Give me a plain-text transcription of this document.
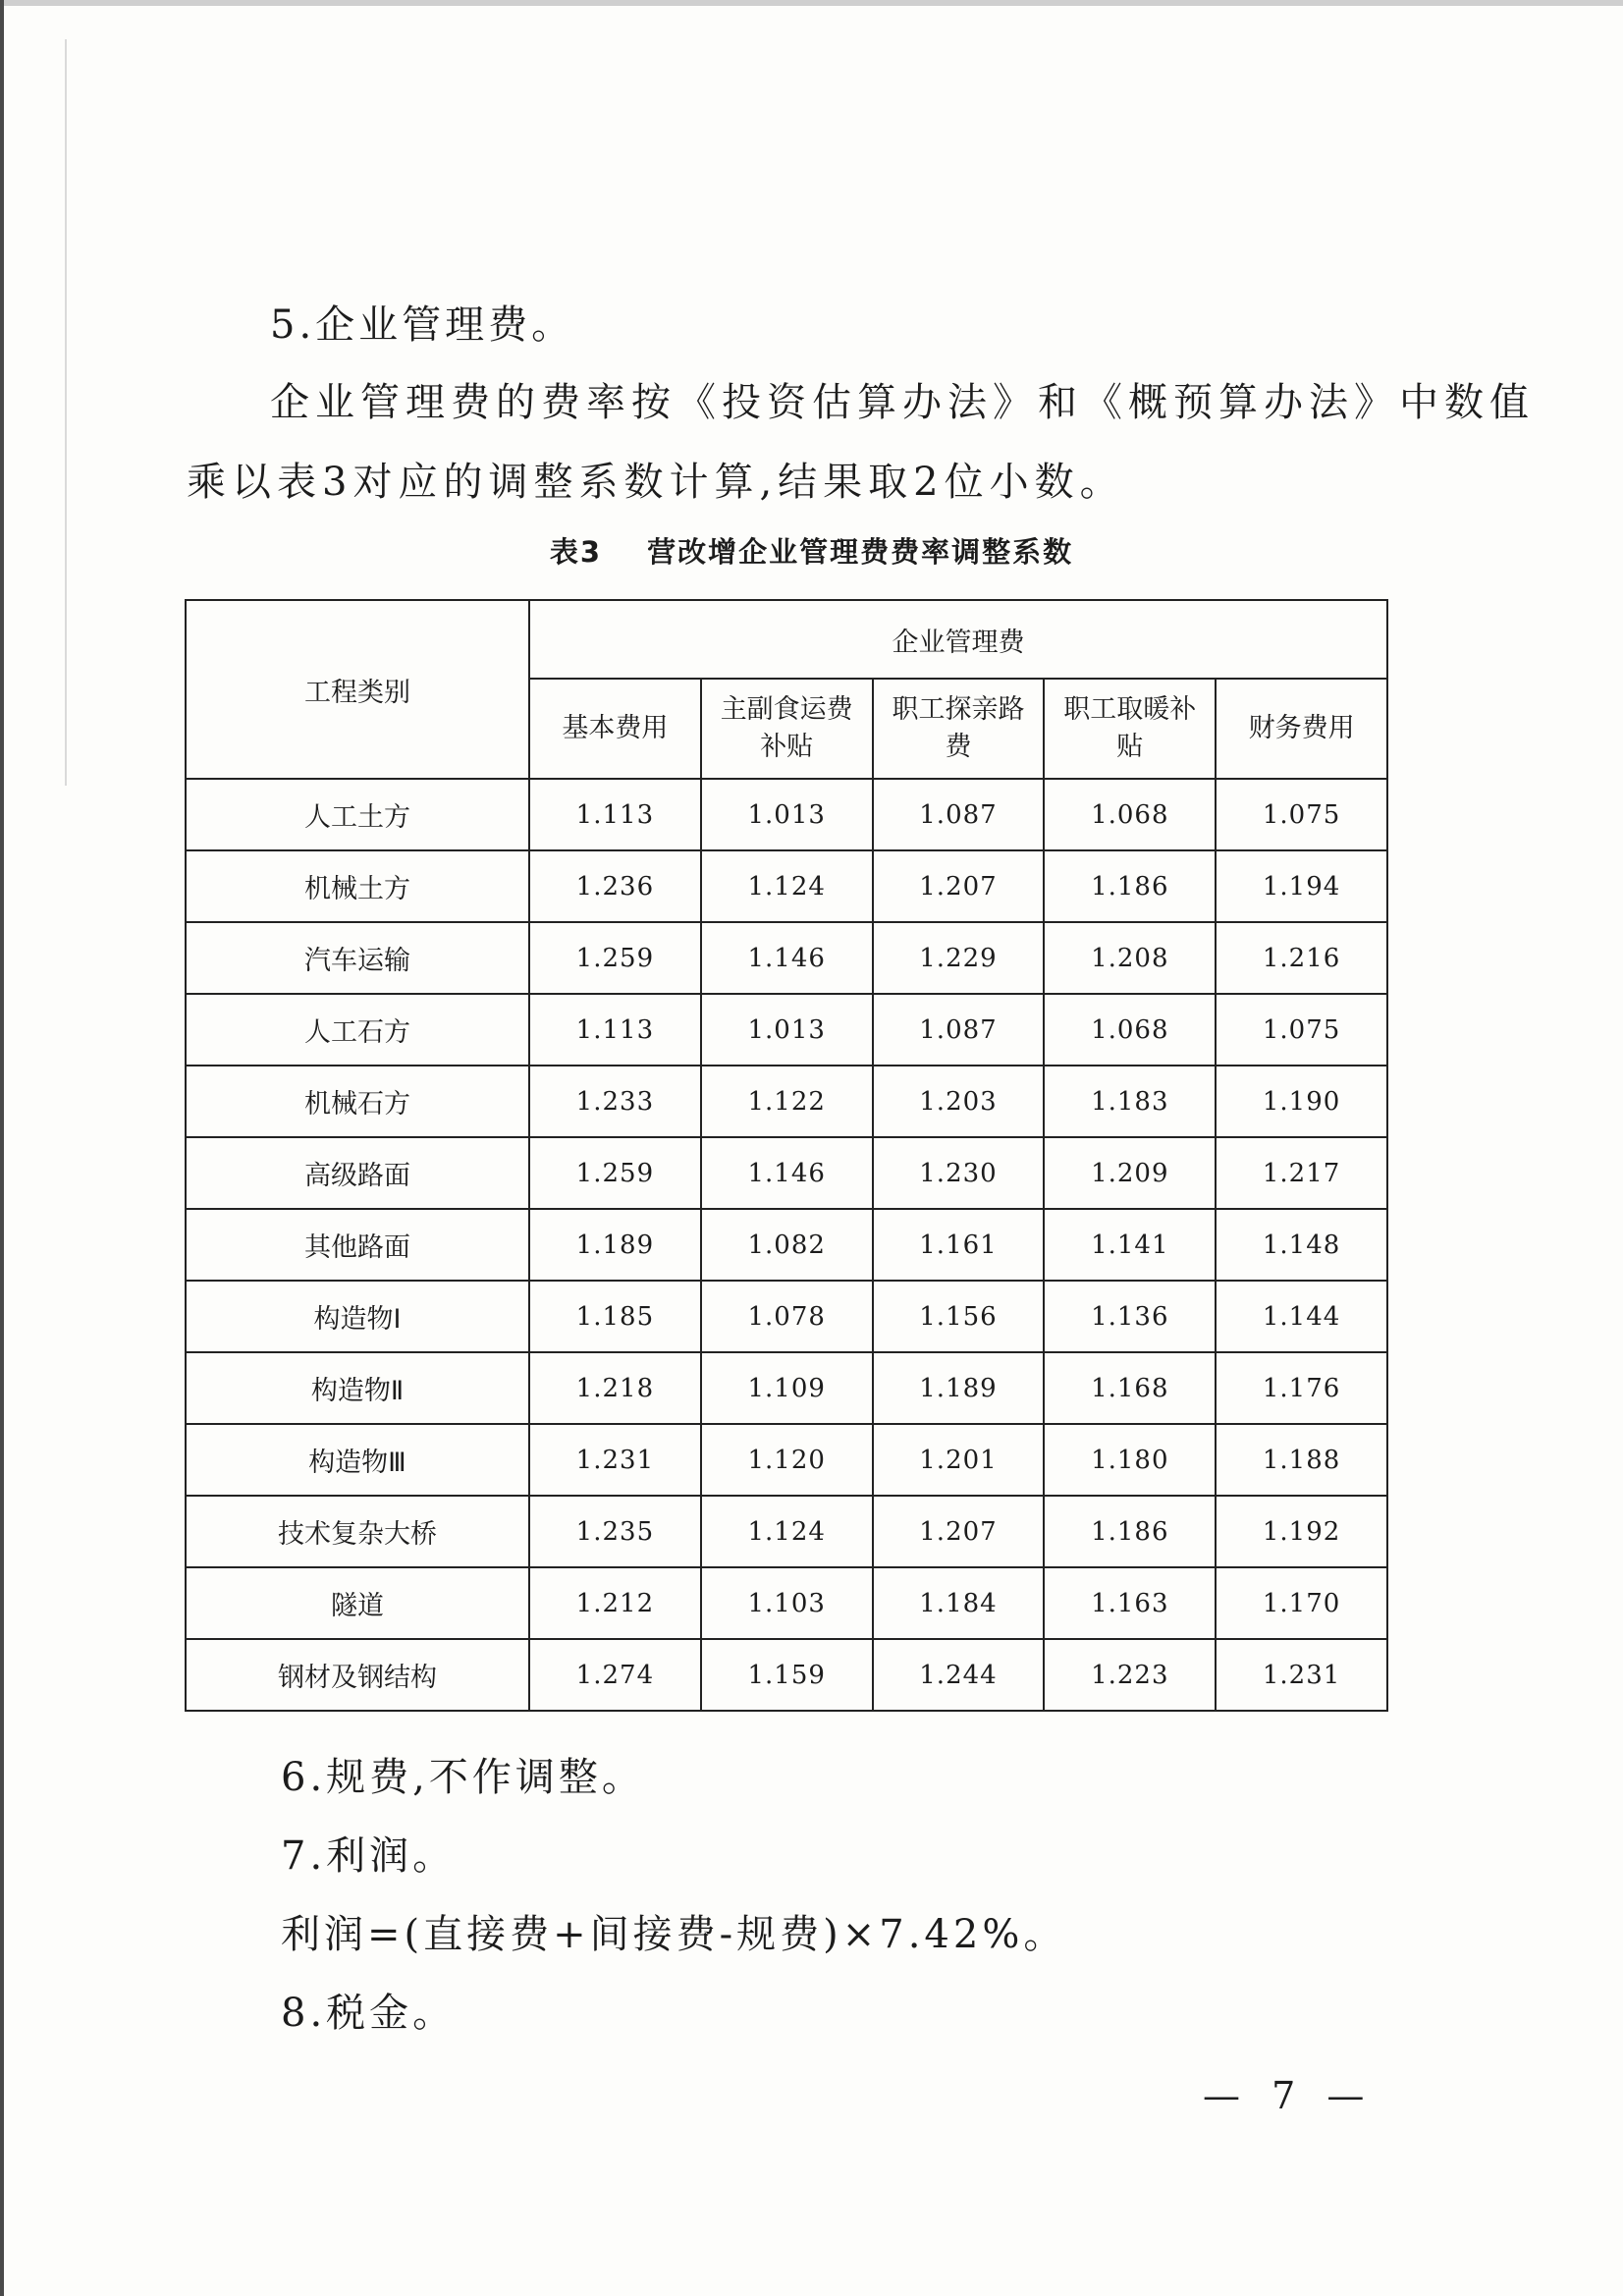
5.企业管理费。
企业管理费的费率按《投资估算办法》和《概预算办法》中数值
乘以表3对应的调整系数计算,结果取2位小数。
表3 营改增企业管理费费率调整系数
工程类别	企业管理费				
	基本费用	主副食运费补贴	职工探亲路费	职工取暖补贴	财务费用
人工土方	1.113	1.013	1.087	1.068	1.075
机械土方	1.236	1.124	1.207	1.186	1.194
汽车运输	1.259	1.146	1.229	1.208	1.216
人工石方	1.113	1.013	1.087	1.068	1.075
机械石方	1.233	1.122	1.203	1.183	1.190
高级路面	1.259	1.146	1.230	1.209	1.217
其他路面	1.189	1.082	1.161	1.141	1.148
构造物Ⅰ	1.185	1.078	1.156	1.136	1.144
构造物Ⅱ	1.218	1.109	1.189	1.168	1.176
构造物Ⅲ	1.231	1.120	1.201	1.180	1.188
技术复杂大桥	1.235	1.124	1.207	1.186	1.192
隧道	1.212	1.103	1.184	1.163	1.170
钢材及钢结构	1.274	1.159	1.244	1.223	1.231
6.规费,不作调整。
7.利润。
利润=(直接费+间接费-规费)×7.42%。
8.税金。
— 7 —
